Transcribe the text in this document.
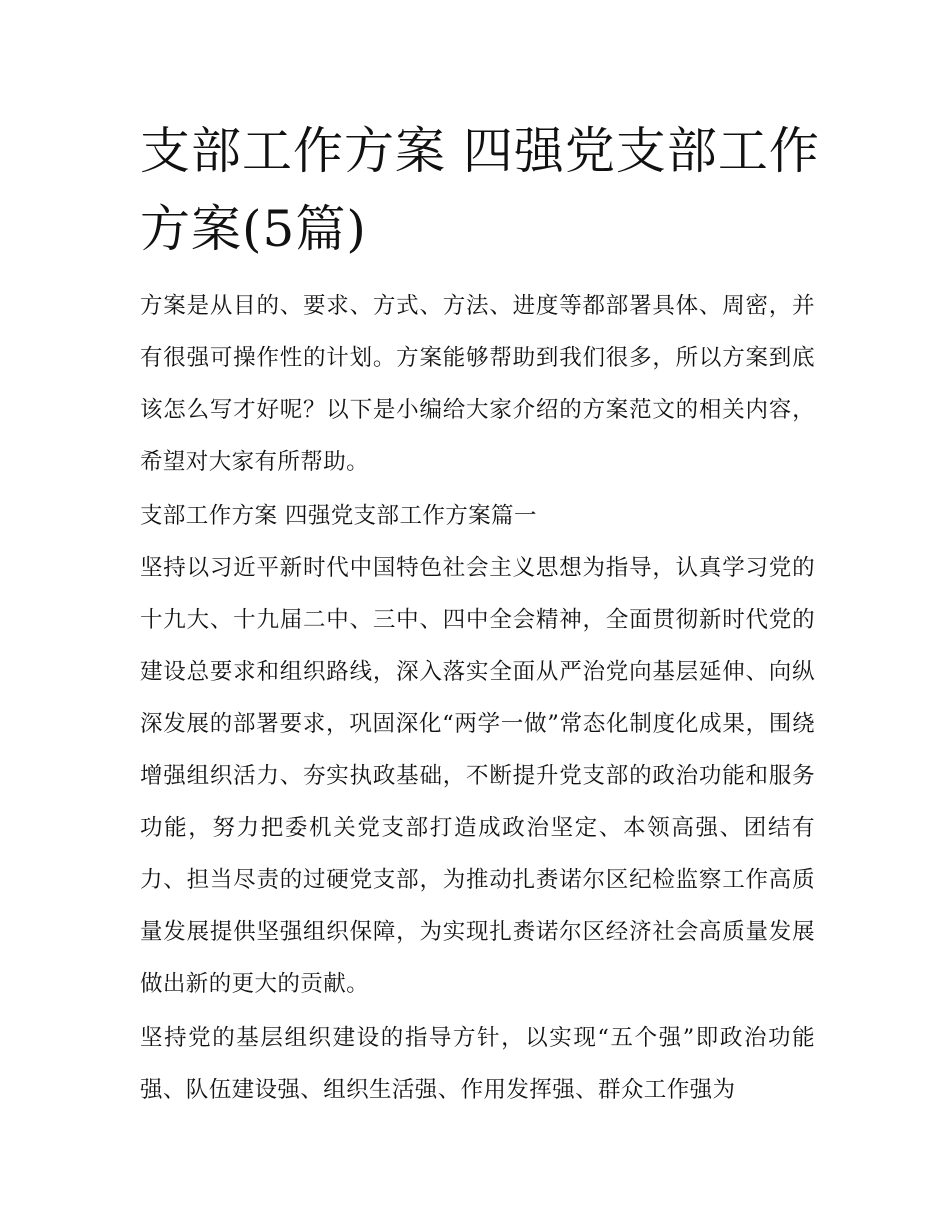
支部工作方案 四强党支部工作方案(5篇)

方案是从目的、要求、方式、方法、进度等都部署具体、周密，并有很强可操作性的计划。方案能够帮助到我们很多，所以方案到底该怎么写才好呢？以下是小编给大家介绍的方案范文的相关内容，希望对大家有所帮助。

支部工作方案 四强党支部工作方案篇一

坚持以习近平新时代中国特色社会主义思想为指导，认真学习党的十九大、十九届二中、三中、四中全会精神，全面贯彻新时代党的建设总要求和组织路线，深入落实全面从严治党向基层延伸、向纵深发展的部署要求，巩固深化“两学一做”常态化制度化成果，围绕增强组织活力、夯实执政基础，不断提升党支部的政治功能和服务功能，努力把委机关党支部打造成政治坚定、本领高强、团结有力、担当尽责的过硬党支部，为推动扎赉诺尔区纪检监察工作高质量发展提供坚强组织保障，为实现扎赉诺尔区经济社会高质量发展做出新的更大的贡献。

坚持党的基层组织建设的指导方针，以实现“五个强”即政治功能强、队伍建设强、组织生活强、作用发挥强、群众工作强为
